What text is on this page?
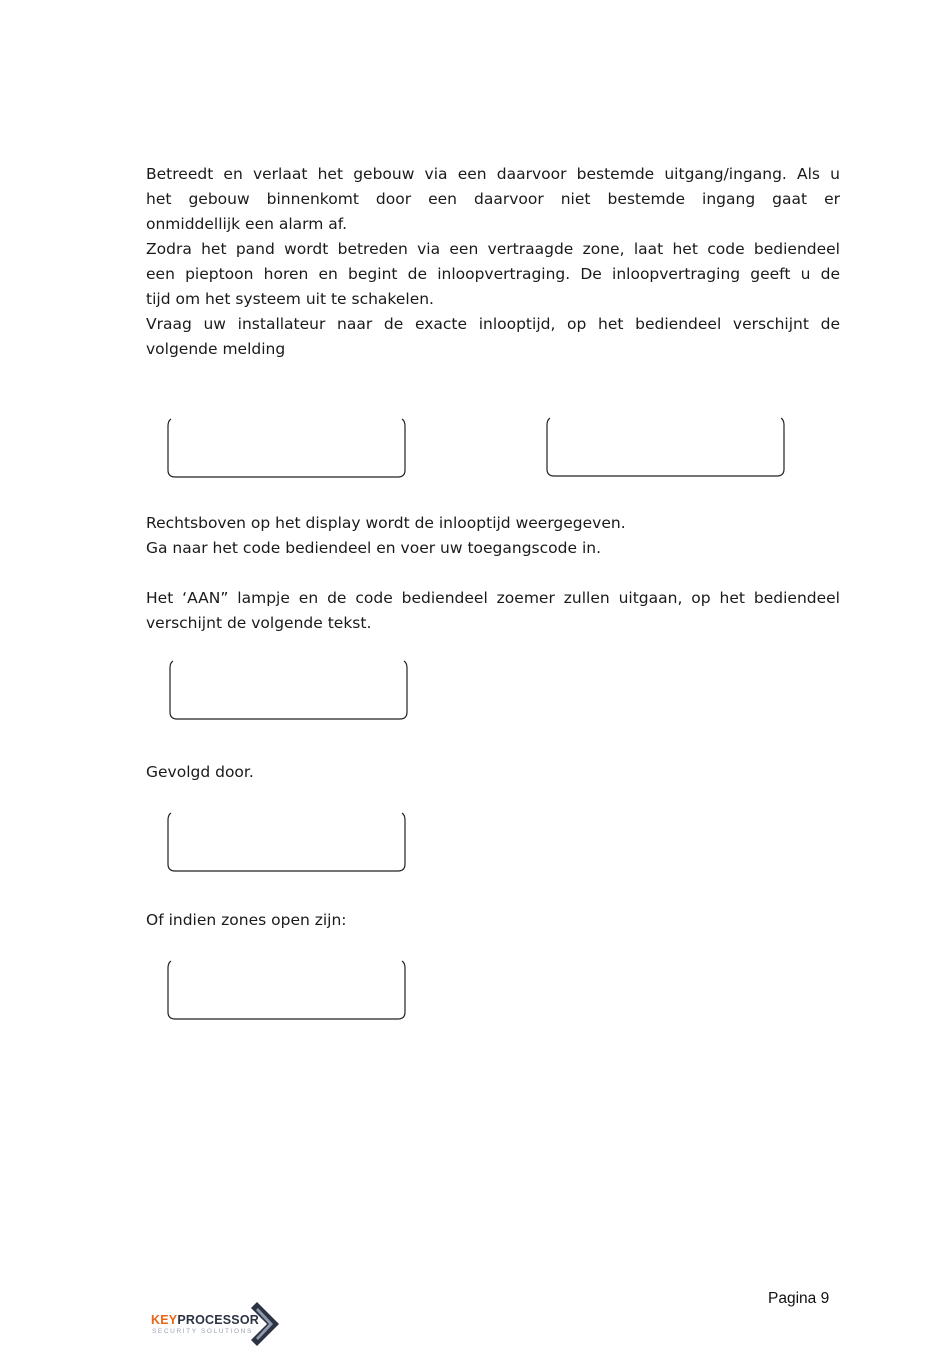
Betreedt en verlaat het gebouw via een daarvoor bestemde uitgang/ingang. Als u
het gebouw binnenkomt door een daarvoor niet bestemde ingang gaat er
onmiddellijk een alarm af.
Zodra het pand wordt betreden via een vertraagde zone, laat het code bediendeel
een pieptoon horen en begint de inloopvertraging. De inloopvertraging geeft u de
tijd om het systeem uit te schakelen.
Vraag uw installateur naar de exacte inlooptijd, op het bediendeel verschijnt de
volgende melding
Rechtsboven op het display wordt de inlooptijd weergegeven.
Ga naar het code bediendeel en voer uw toegangscode in.
Het ‘AAN” lampje en de code bediendeel zoemer zullen uitgaan, op het bediendeel
verschijnt de volgende tekst.
Gevolgd door.
Of indien zones open zijn:
Pagina 9
KEYPROCESSOR
SECURITY SOLUTIONS
